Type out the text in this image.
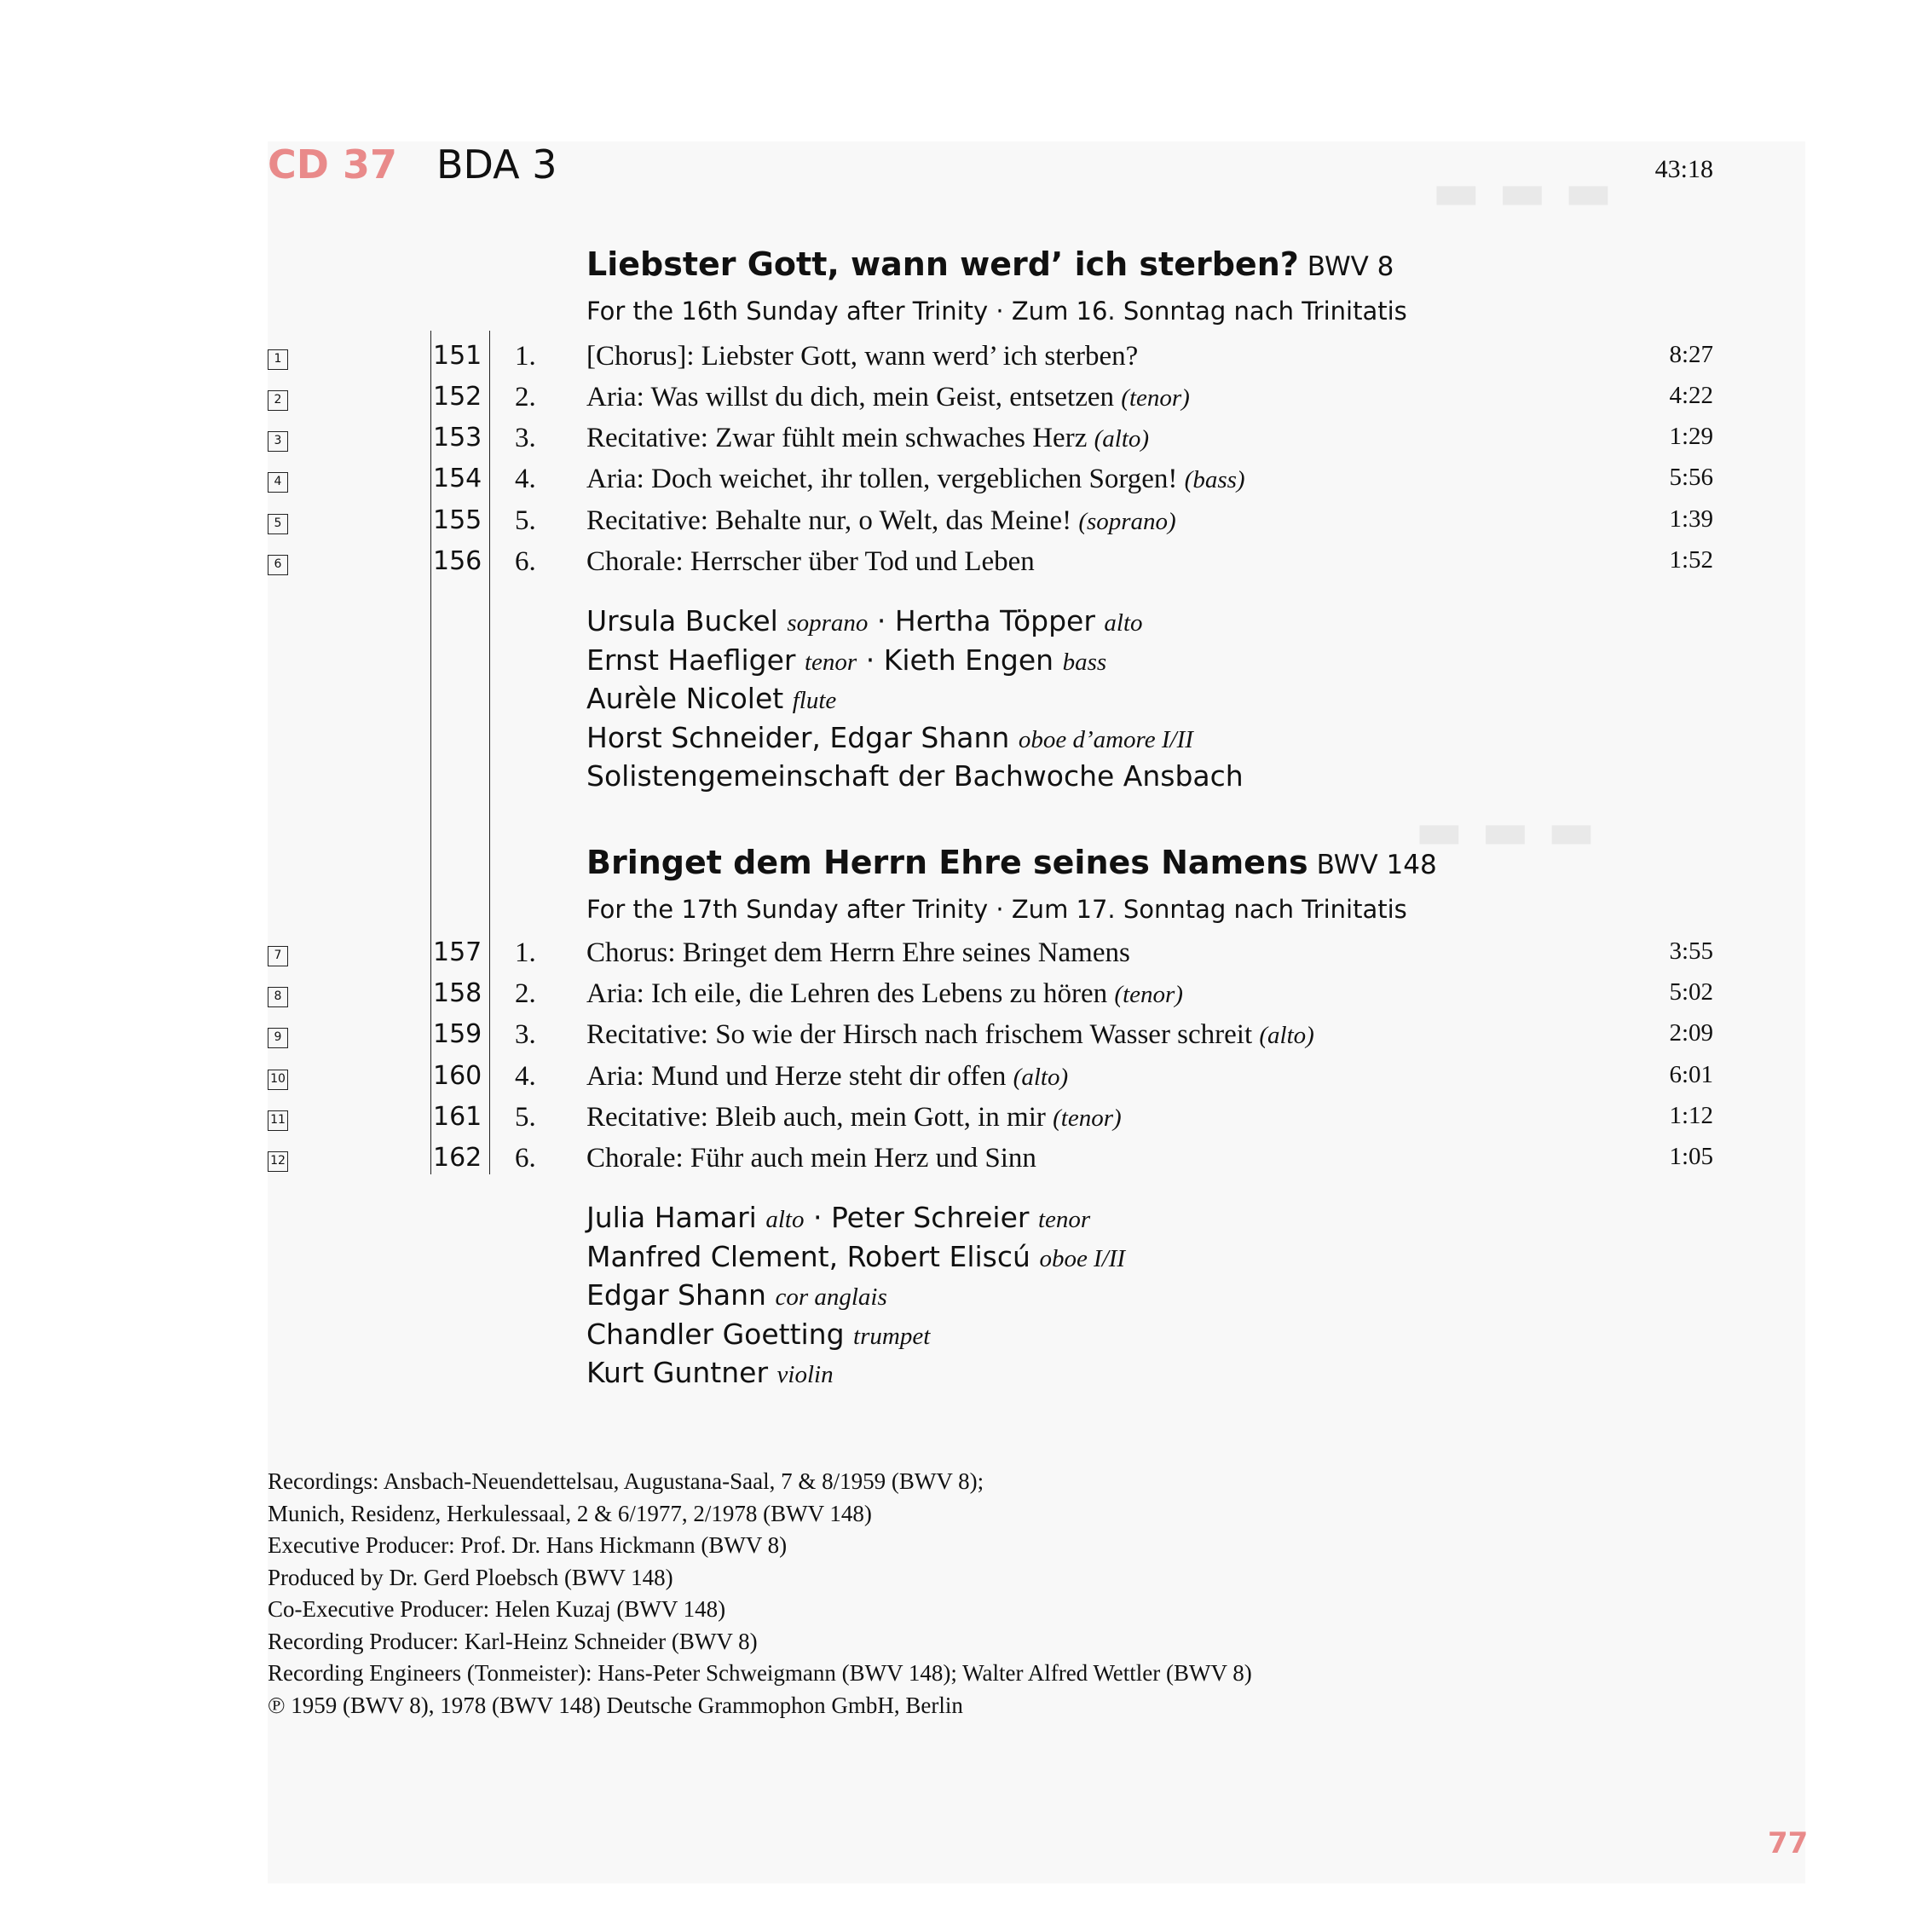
CD 37 BDA 3	43:18
Liebster Gott, wann werd’ ich sterben? BWV 8
For the 16th Sunday after Trinity · Zum 16. Sonntag nach Trinitatis
1	151 1. [Chorus]: Liebster Gott, wann werd’ ich sterben?	8:27
2	152 2. Aria: Was willst du dich, mein Geist, entsetzen (tenor)	4:22
3	153 3. Recitative: Zwar fühlt mein schwaches Herz (alto)	1:29
4	154 4. Aria: Doch weichet, ihr tollen, vergeblichen Sorgen! (bass)	5:56
5	155 5. Recitative: Behalte nur, o Welt, das Meine! (soprano)	1:39
6	156 6. Chorale: Herrscher über Tod und Leben	1:52
Ursula Buckel soprano · Hertha Töpper alto
Ernst Haefliger tenor · Kieth Engen bass
Aurèle Nicolet flute
Horst Schneider, Edgar Shann oboe d’amore I/II
Solistengemeinschaft der Bachwoche Ansbach
Bringet dem Herrn Ehre seines Namens BWV 148
For the 17th Sunday after Trinity · Zum 17. Sonntag nach Trinitatis
7	157 1. Chorus: Bringet dem Herrn Ehre seines Namens	3:55
8	158 2. Aria: Ich eile, die Lehren des Lebens zu hören (tenor)	5:02
9	159 3. Recitative: So wie der Hirsch nach frischem Wasser schreit (alto)	2:09
10	160 4. Aria: Mund und Herze steht dir offen (alto)	6:01
11	161 5. Recitative: Bleib auch, mein Gott, in mir (tenor)	1:12
12	162 6. Chorale: Führ auch mein Herz und Sinn	1:05
Julia Hamari alto · Peter Schreier tenor
Manfred Clement, Robert Eliscú oboe I/II
Edgar Shann cor anglais
Chandler Goetting trumpet
Kurt Guntner violin
Recordings: Ansbach-Neuendettelsau, Augustana-Saal, 7 & 8/1959 (BWV 8);
Munich, Residenz, Herkulessaal, 2 & 6/1977, 2/1978 (BWV 148)
Executive Producer: Prof. Dr. Hans Hickmann (BWV 8)
Produced by Dr. Gerd Ploebsch (BWV 148)
Co-Executive Producer: Helen Kuzaj (BWV 148)
Recording Producer: Karl-Heinz Schneider (BWV 8)
Recording Engineers (Tonmeister): Hans-Peter Schweigmann (BWV 148); Walter Alfred Wettler (BWV 8)
℗ 1959 (BWV 8), 1978 (BWV 148) Deutsche Grammophon GmbH, Berlin
77
